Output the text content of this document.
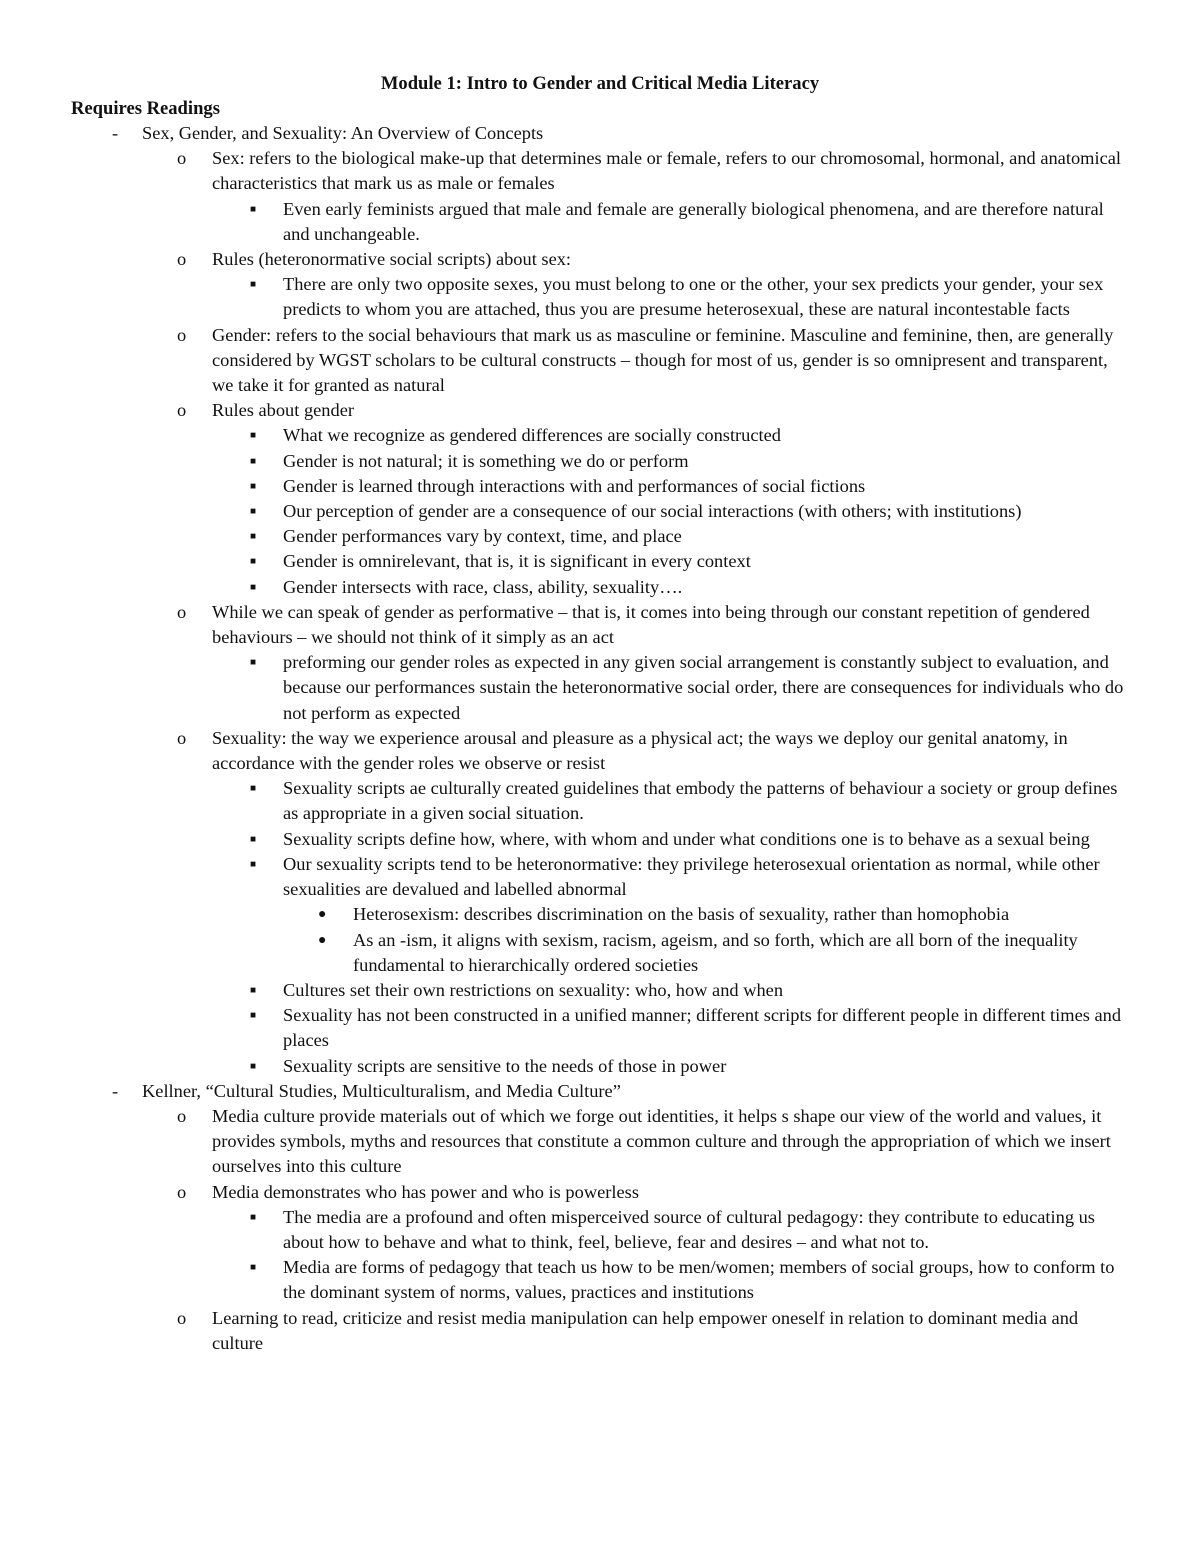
Module 1: Intro to Gender and Critical Media Literacy
Requires Readings
- Sex, Gender, and Sexuality: An Overview of Concepts
o Sex: refers to the biological make-up that determines male or female, refers to our chromosomal, hormonal, and anatomical characteristics that mark us as male or females
■ Even early feminists argued that male and female are generally biological phenomena, and are therefore natural and unchangeable.
o Rules (heteronormative social scripts) about sex:
■ There are only two opposite sexes, you must belong to one or the other, your sex predicts your gender, your sex predicts to whom you are attached, thus you are presume heterosexual, these are natural incontestable facts
o Gender: refers to the social behaviours that mark us as masculine or feminine. Masculine and feminine, then, are generally considered by WGST scholars to be cultural constructs – though for most of us, gender is so omnipresent and transparent, we take it for granted as natural
o Rules about gender
■ What we recognize as gendered differences are socially constructed
■ Gender is not natural; it is something we do or perform
■ Gender is learned through interactions with and performances of social fictions
■ Our perception of gender are a consequence of our social interactions (with others; with institutions)
■ Gender performances vary by context, time, and place
■ Gender is omnirelevant, that is, it is significant in every context
■ Gender intersects with race, class, ability, sexuality….
o While we can speak of gender as performative – that is, it comes into being through our constant repetition of gendered behaviours – we should not think of it simply as an act
■ preforming our gender roles as expected in any given social arrangement is constantly subject to evaluation, and because our performances sustain the heteronormative social order, there are consequences for individuals who do not perform as expected
o Sexuality: the way we experience arousal and pleasure as a physical act; the ways we deploy our genital anatomy, in accordance with the gender roles we observe or resist
■ Sexuality scripts ae culturally created guidelines that embody the patterns of behaviour a society or group defines as appropriate in a given social situation.
■ Sexuality scripts define how, where, with whom and under what conditions one is to behave as a sexual being
■ Our sexuality scripts tend to be heteronormative: they privilege heterosexual orientation as normal, while other sexualities are devalued and labelled abnormal
● Heterosexism: describes discrimination on the basis of sexuality, rather than homophobia
● As an -ism, it aligns with sexism, racism, ageism, and so forth, which are all born of the inequality fundamental to hierarchically ordered societies
■ Cultures set their own restrictions on sexuality: who, how and when
■ Sexuality has not been constructed in a unified manner; different scripts for different people in different times and places
■ Sexuality scripts are sensitive to the needs of those in power
- Kellner, “Cultural Studies, Multiculturalism, and Media Culture”
o Media culture provide materials out of which we forge out identities, it helps s shape our view of the world and values, it provides symbols, myths and resources that constitute a common culture and through the appropriation of which we insert ourselves into this culture
o Media demonstrates who has power and who is powerless
■ The media are a profound and often misperceived source of cultural pedagogy: they contribute to educating us about how to behave and what to think, feel, believe, fear and desires – and what not to.
■ Media are forms of pedagogy that teach us how to be men/women; members of social groups, how to conform to the dominant system of norms, values, practices and institutions
o Learning to read, criticize and resist media manipulation can help empower oneself in relation to dominant media and culture
